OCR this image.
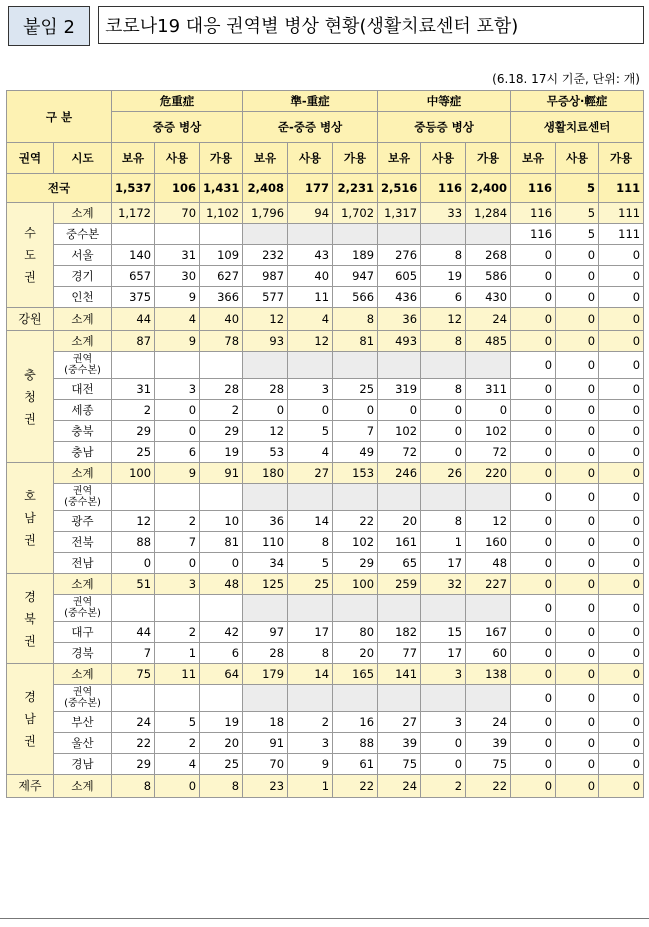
붙임 2	코로나19 대응 권역별 병상 현황(생활치료센터 포함)
(6.18. 17시 기준, 단위: 개)
구 분		危重症			準-重症			中等症			무증상·輕症		
		중증 병상			준-중증 병상			중등증 병상			생활치료센터		
권역	시도	보유	사용	가용	보유	사용	가용	보유	사용	가용	보유	사용	가용
전국		1,537	106	1,431	2,408	177	2,231	2,516	116	2,400	116	5	111
수
도
권	소계	1,172	70	1,102	1,796	94	1,702	1,317	33	1,284	116	5	111
	중수본										116	5	111
	서울	140	31	109	232	43	189	276	8	268	0	0	0
	경기	657	30	627	987	40	947	605	19	586	0	0	0
	인천	375	9	366	577	11	566	436	6	430	0	0	0
강원	소계	44	4	40	12	4	8	36	12	24	0	0	0
충
청
권	소계	87	9	78	93	12	81	493	8	485	0	0	0
	권역
(중수본)										0	0	0
	대전	31	3	28	28	3	25	319	8	311	0	0	0
	세종	2	0	2	0	0	0	0	0	0	0	0	0
	충북	29	0	29	12	5	7	102	0	102	0	0	0
	충남	25	6	19	53	4	49	72	0	72	0	0	0
호
남
권	소계	100	9	91	180	27	153	246	26	220	0	0	0
	권역
(중수본)										0	0	0
	광주	12	2	10	36	14	22	20	8	12	0	0	0
	전북	88	7	81	110	8	102	161	1	160	0	0	0
	전남	0	0	0	34	5	29	65	17	48	0	0	0
경
북
권	소계	51	3	48	125	25	100	259	32	227	0	0	0
	권역
(중수본)										0	0	0
	대구	44	2	42	97	17	80	182	15	167	0	0	0
	경북	7	1	6	28	8	20	77	17	60	0	0	0
경
남
권	소계	75	11	64	179	14	165	141	3	138	0	0	0
	권역
(중수본)										0	0	0
	부산	24	5	19	18	2	16	27	3	24	0	0	0
	울산	22	2	20	91	3	88	39	0	39	0	0	0
	경남	29	4	25	70	9	61	75	0	75	0	0	0
제주	소계	8	0	8	23	1	22	24	2	22	0	0	0
